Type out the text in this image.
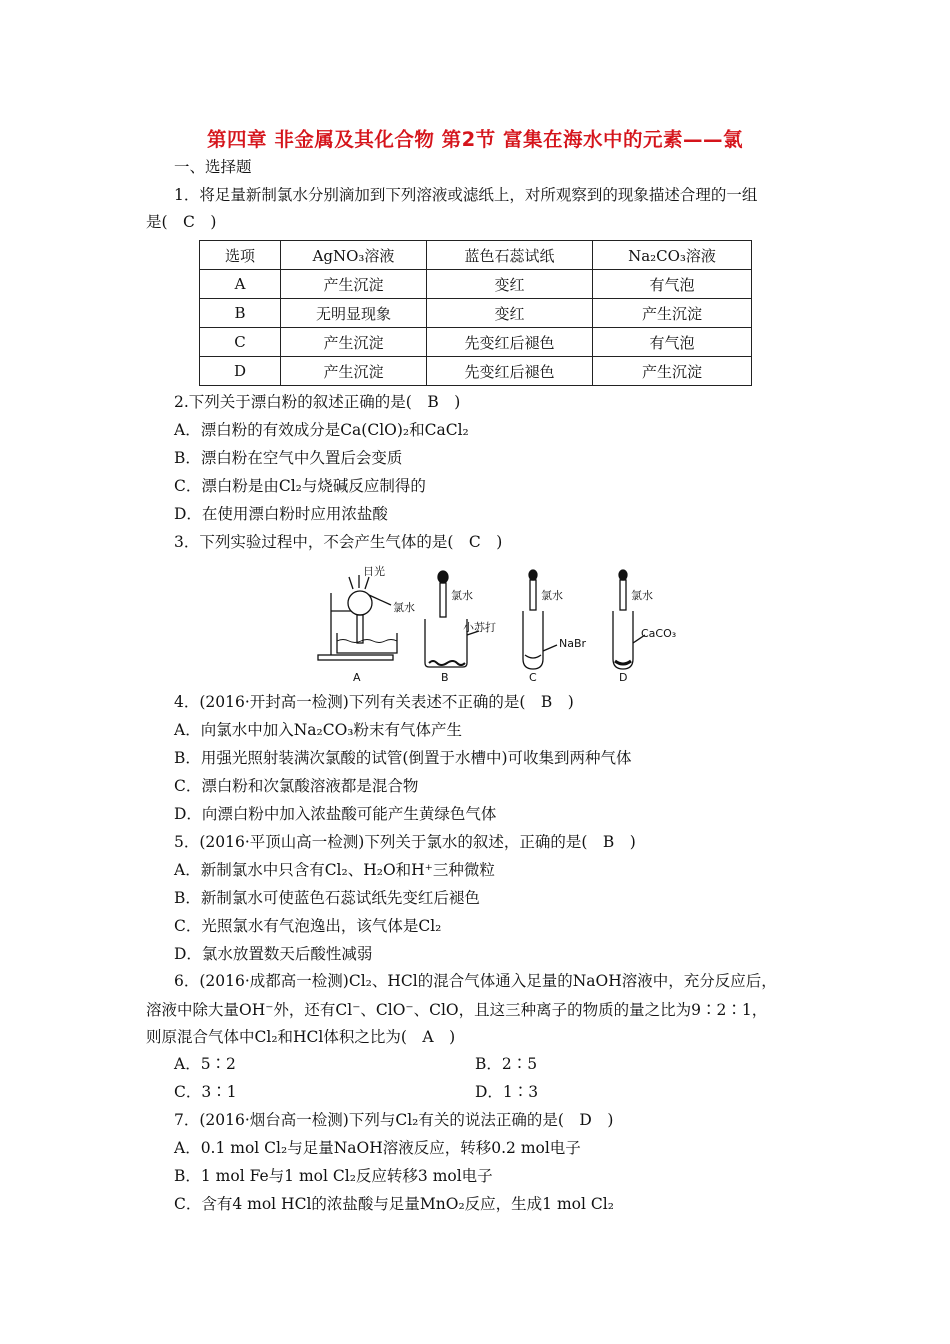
第四章 非金属及其化合物 第2节 富集在海水中的元素——氯
一、选择题
1．将足量新制氯水分别滴加到下列溶液或滤纸上，对所观察到的现象描述合理的一组
是(　C　)
选项	AgNO₃溶液	蓝色石蕊试纸	Na₂CO₃溶液
A	产生沉淀	变红	有气泡
B	无明显现象	变红	产生沉淀
C	产生沉淀	先变红后褪色	有气泡
D	产生沉淀	先变红后褪色	产生沉淀
2.下列关于漂白粉的叙述正确的是(　B　)
A．漂白粉的有效成分是Ca(ClO)₂和CaCl₂
B．漂白粉在空气中久置后会变质
C．漂白粉是由Cl₂与烧碱反应制得的
D．在使用漂白粉时应用浓盐酸
3．下列实验过程中，不会产生气体的是(　C　)
日光
氯水
氯水
小苏打
氯水
NaBr
氯水
CaCO₃
A	B	C	D
4．(2016·开封高一检测)下列有关表述不正确的是(　B　)
A．向氯水中加入Na₂CO₃粉末有气体产生
B．用强光照射装满次氯酸的试管(倒置于水槽中)可收集到两种气体
C．漂白粉和次氯酸溶液都是混合物
D．向漂白粉中加入浓盐酸可能产生黄绿色气体
5．(2016·平顶山高一检测)下列关于氯水的叙述，正确的是(　B　)
A．新制氯水中只含有Cl₂、H₂O和H⁺三种微粒
B．新制氯水可使蓝色石蕊试纸先变红后褪色
C．光照氯水有气泡逸出，该气体是Cl₂
D．氯水放置数天后酸性减弱
6．(2016·成都高一检测)Cl₂、HCl的混合气体通入足量的NaOH溶液中，充分反应后，
溶液中除大量OH⁻外，还有Cl⁻、ClO⁻、ClO，且这三种离子的物质的量之比为9∶2∶1，
则原混合气体中Cl₂和HCl体积之比为(　A　)
A．5∶2	B．2∶5
C．3∶1	D．1∶3
7．(2016·烟台高一检测)下列与Cl₂有关的说法正确的是(　D　)
A．0.1 mol Cl₂与足量NaOH溶液反应，转移0.2 mol电子
B．1 mol Fe与1 mol Cl₂反应转移3 mol电子
C．含有4 mol HCl的浓盐酸与足量MnO₂反应，生成1 mol Cl₂
